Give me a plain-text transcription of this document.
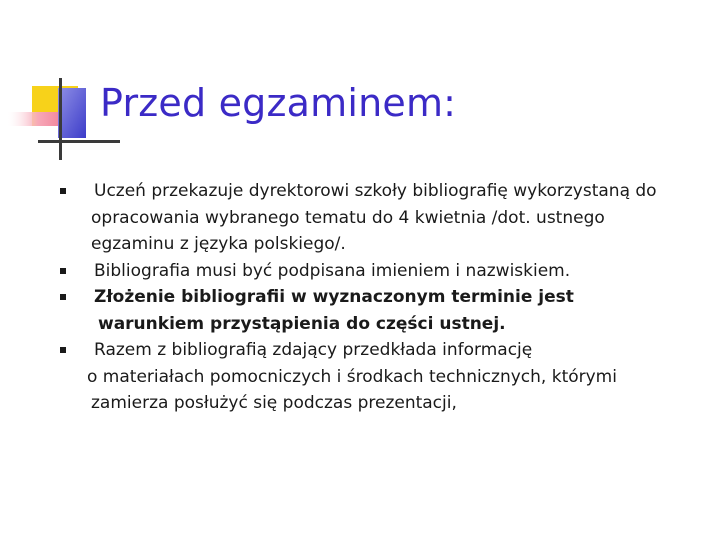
Przed egzaminem:
Uczeń przekazuje dyrektorowi szkoły bibliografię wykorzystaną do
opracowania wybranego tematu do 4 kwietnia /dot. ustnego
egzaminu z języka polskiego/.
Bibliografia musi być podpisana imieniem i nazwiskiem.
Złożenie bibliografii w wyznaczonym terminie jest
warunkiem przystąpienia do części ustnej.
Razem z bibliografią zdający przedkłada informację
o materiałach pomocniczych i środkach technicznych, którymi
zamierza posłużyć się podczas prezentacji,
